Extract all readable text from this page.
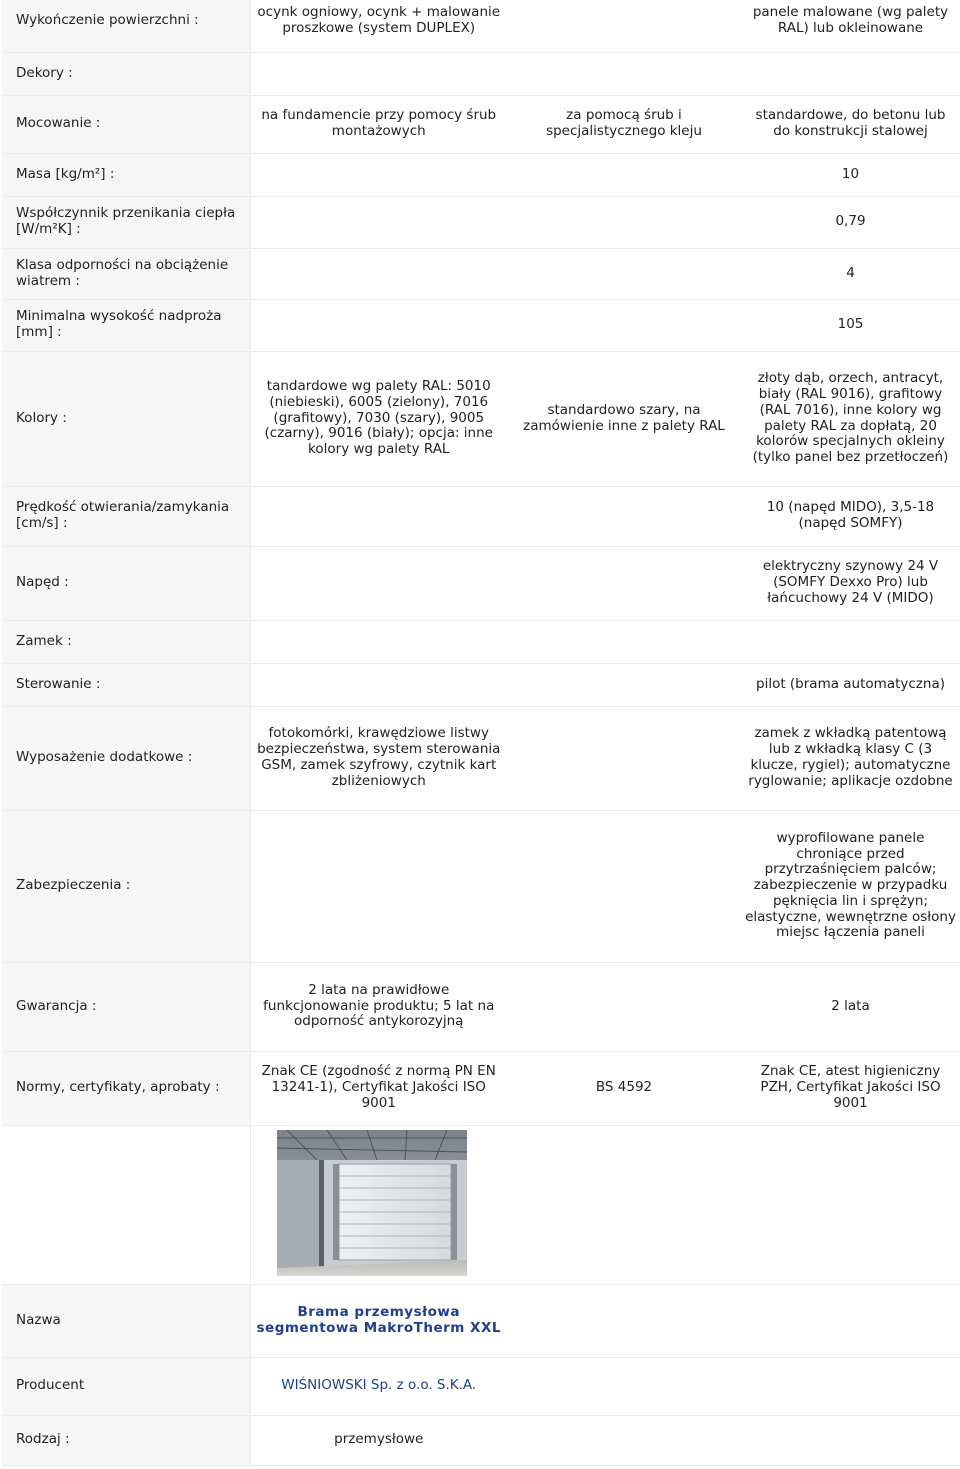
Wykończenie powierzchni :	ocynk ogniowy, ocynk + malowanie proszkowe (system DUPLEX)		panele malowane (wg palety RAL) lub okleinowane
Dekory :			
Mocowanie :	na fundamencie przy pomocy śrub montażowych	za pomocą śrub i specjalistycznego kleju	standardowe, do betonu lub do konstrukcji stalowej
Masa [kg/m²] :			10
Współczynnik przenikania ciepła [W/m²K] :			0,79
Klasa odporności na obciążenie wiatrem :			4
Minimalna wysokość nadproża [mm] :			105
Kolory :	tandardowe wg palety RAL: 5010 (niebieski), 6005 (zielony), 7016 (grafitowy), 7030 (szary), 9005 (czarny), 9016 (biały); opcja: inne kolory wg palety RAL	standardowo szary, na zamówienie inne z palety RAL	złoty dąb, orzech, antracyt, biały (RAL 9016), grafitowy (RAL 7016), inne kolory wg palety RAL za dopłatą, 20 kolorów specjalnych okleiny (tylko panel bez przetłoczeń)
Prędkość otwierania/zamykania [cm/s] :			10 (napęd MIDO), 3,5-18 (napęd SOMFY)
Napęd :			elektryczny szynowy 24 V (SOMFY Dexxo Pro) lub łańcuchowy 24 V (MIDO)
Zamek :			
Sterowanie :			pilot (brama automatyczna)
Wyposażenie dodatkowe :	fotokomórki, krawędziowe listwy bezpieczeństwa, system sterowania GSM, zamek szyfrowy, czytnik kart zbliżeniowych		zamek z wkładką patentową lub z wkładką klasy C (3 klucze, rygiel); automatyczne ryglowanie; aplikacje ozdobne
Zabezpieczenia :			wyprofilowane panele chroniące przed przytrzaśnięciem palców; zabezpieczenie w przypadku pęknięcia lin i sprężyn; elastyczne, wewnętrzne osłony miejsc łączenia paneli
Gwarancja :	2 lata na prawidłowe funkcjonowanie produktu; 5 lat na odporność antykorozyjną		2 lata
Normy, certyfikaty, aprobaty :	Znak CE (zgodność z normą PN EN 13241-1), Certyfikat Jakości ISO 9001	BS 4592	Znak CE, atest higieniczny PZH, Certyfikat Jakości ISO 9001

Nazwa	Brama przemysłowa segmentowa MakroTherm XXL		
Producent	WIŚNIOWSKI Sp. z o.o. S.K.A.		
Rodzaj :	przemysłowe		
